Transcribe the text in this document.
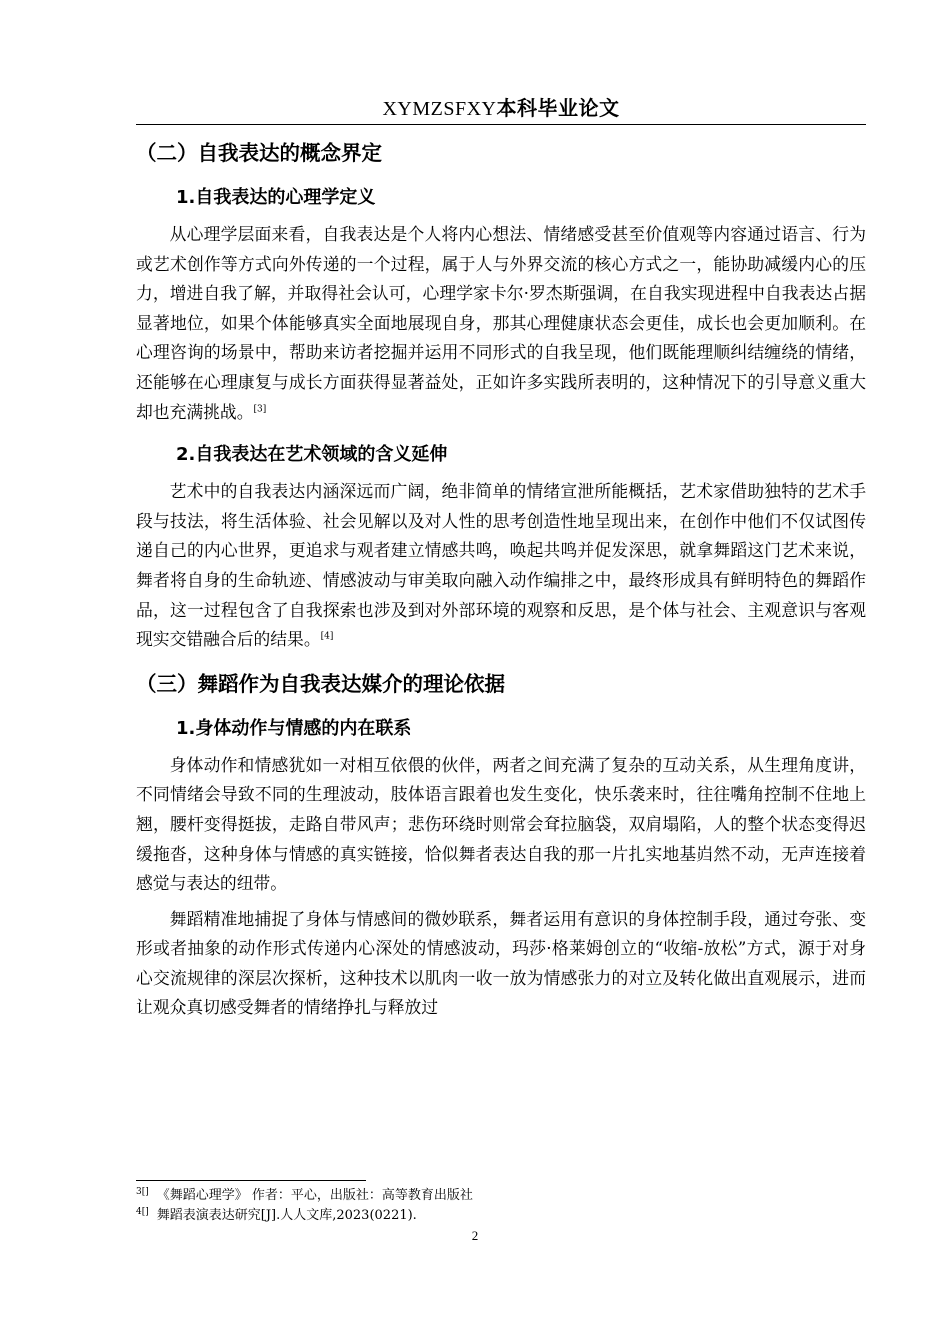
XYMZSFXY本科毕业论文
（二）自我表达的概念界定
1.自我表达的心理学定义

从心理学层面来看，自我表达是个人将内心想法、情绪感受甚至价值观等内容通过语言、行为或艺术创作等方式向外传递的一个过程，属于人与外界交流的核心方式之一，能协助减缓内心的压力，增进自我了解，并取得社会认可，心理学家卡尔·罗杰斯强调，在自我实现进程中自我表达占据显著地位，如果个体能够真实全面地展现自身，那其心理健康状态会更佳，成长也会更加顺利。在心理咨询的场景中，帮助来访者挖掘并运用不同形式的自我呈现，他们既能理顺纠结缠绕的情绪，还能够在心理康复与成长方面获得显著益处，正如许多实践所表明的，这种情况下的引导意义重大却也充满挑战。[3]

2.自我表达在艺术领域的含义延伸

艺术中的自我表达内涵深远而广阔，绝非简单的情绪宣泄所能概括，艺术家借助独特的艺术手段与技法，将生活体验、社会见解以及对人性的思考创造性地呈现出来，在创作中他们不仅试图传递自己的内心世界，更追求与观者建立情感共鸣，唤起共鸣并促发深思，就拿舞蹈这门艺术来说，舞者将自身的生命轨迹、情感波动与审美取向融入动作编排之中，最终形成具有鲜明特色的舞蹈作品，这一过程包含了自我探索也涉及到对外部环境的观察和反思，是个体与社会、主观意识与客观现实交错融合后的结果。[4]

（三）舞蹈作为自我表达媒介的理论依据
1.身体动作与情感的内在联系

身体动作和情感犹如一对相互依偎的伙伴，两者之间充满了复杂的互动关系，从生理角度讲，不同情绪会导致不同的生理波动，肢体语言跟着也发生变化，快乐袭来时，往往嘴角控制不住地上翘，腰杆变得挺拔，走路自带风声；悲伤环绕时则常会耷拉脑袋，双肩塌陷，人的整个状态变得迟缓拖沓，这种身体与情感的真实链接，恰似舞者表达自我的那一片扎实地基岿然不动，无声连接着感觉与表达的纽带。

舞蹈精准地捕捉了身体与情感间的微妙联系，舞者运用有意识的身体控制手段，通过夸张、变形或者抽象的动作形式传递内心深处的情感波动，玛莎·格莱姆创立的“收缩-放松”方式，源于对身心交流规律的深层次探析，这种技术以肌肉一收一放为情感张力的对立及转化做出直观展示，进而让观众真切感受舞者的情绪挣扎与释放过

$^{3[]}$ 《舞蹈心理学》 作者：平心，出版社：高等教育出版社
$^{4[]}$ 舞蹈表演表达研究[J].人人文库,2023(0221).
2
